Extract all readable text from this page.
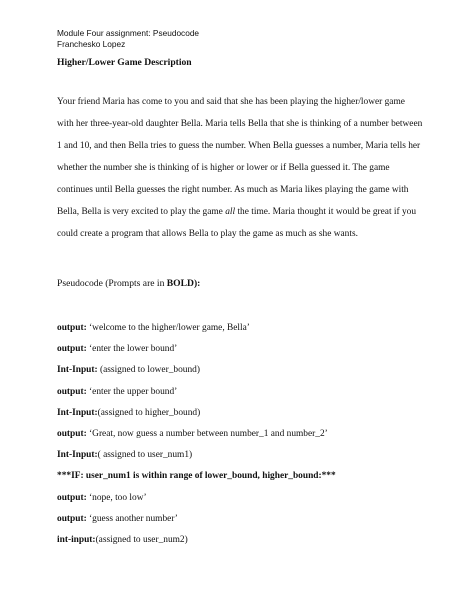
Module Four assignment: Pseudocode
Franchesko Lopez
Higher/Lower Game Description
Your friend Maria has come to you and said that she has been playing the higher/lower game
with her three-year-old daughter Bella. Maria tells Bella that she is thinking of a number between
1 and 10, and then Bella tries to guess the number. When Bella guesses a number, Maria tells her
whether the number she is thinking of is higher or lower or if Bella guessed it. The game
continues until Bella guesses the right number. As much as Maria likes playing the game with
Bella, Bella is very excited to play the game all the time. Maria thought it would be great if you
could create a program that allows Bella to play the game as much as she wants.
Pseudocode (Prompts are in BOLD):
output: ‘welcome to the higher/lower game, Bella’
output: ‘enter the lower bound’
Int-Input: (assigned to lower_bound)
output: ‘enter the upper bound’
Int-Input:(assigned to higher_bound)
output: ‘Great, now guess a number between number_1 and number_2’
Int-Input:( assigned to user_num1)
***IF: user_num1 is within range of lower_bound, higher_bound:***
output: ‘nope, too low’
output: ‘guess another number’
int-input:(assigned to user_num2)
